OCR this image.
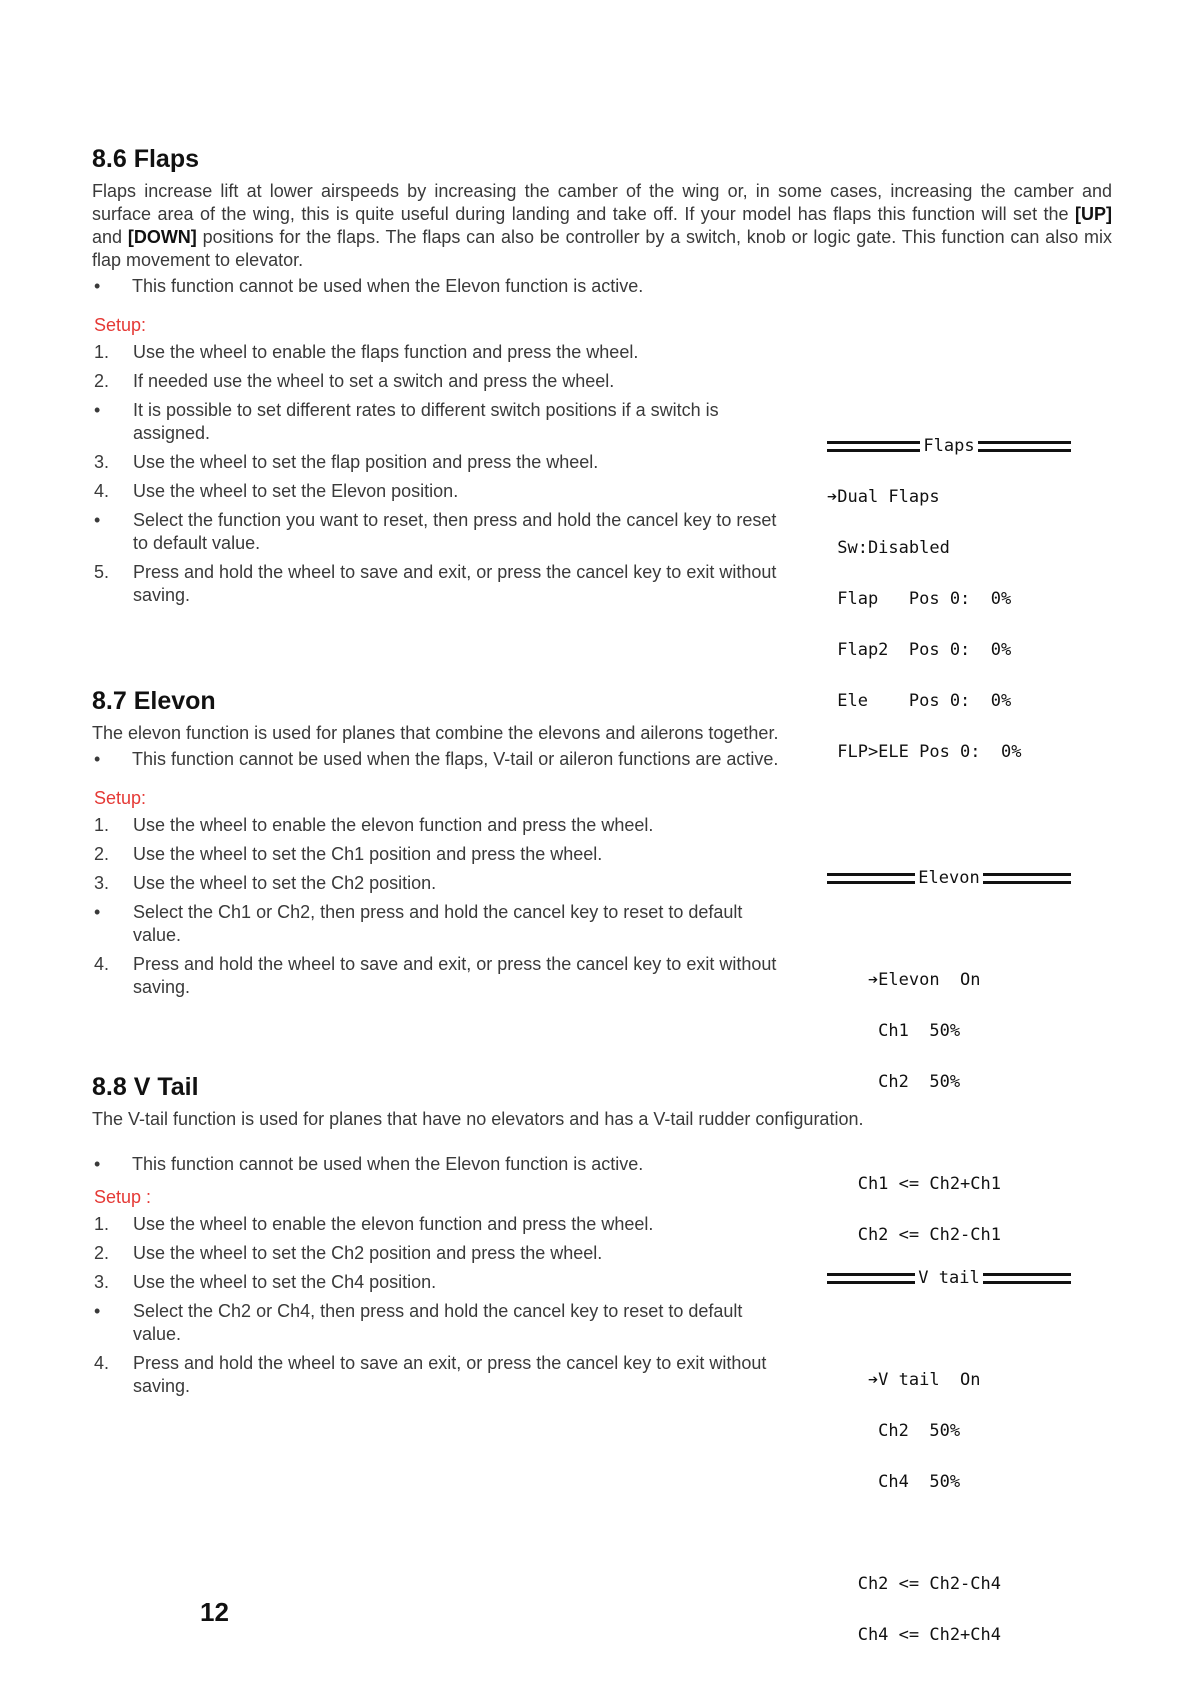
8.6 Flaps

Flaps increase lift at lower airspeeds by increasing the camber of the wing or, in some cases, increasing the camber and surface area of the wing, this is quite useful during landing and take off. If your model has flaps this function will set the [UP] and [DOWN] positions for the flaps. The flaps can also be controller by a switch, knob or logic gate. This function can also mix flap movement to elevator.

•	This function cannot be used when the Elevon function is active.
Setup:
1.	Use the wheel to enable the flaps function and press the wheel.
2.	If needed use the wheel to set a switch and press the wheel.
•	It is possible to set different rates to different switch positions if a switch is assigned.
3.	Use the wheel to set the flap position and press the wheel.
4.	Use the wheel to set the Elevon position.
•	Select the function you want to reset, then press and hold the cancel key to reset to default value.
5.	Press and hold the wheel to save and exit, or press the cancel key to exit without saving.

Flaps

➔Dual Flaps

Sw:Disabled

Flap   Pos 0:  0%

Flap2  Pos 0:  0%

Ele    Pos 0:  0%

FLP>ELE Pos 0:  0%

8.7 Elevon

The elevon function is used for planes that combine the elevons and ailerons together.

•	This function cannot be used when the flaps, V-tail or aileron functions are active.
Setup:
1.	Use the wheel to enable the elevon function and press the wheel.
2.	Use the wheel to set the Ch1 position and press the wheel.
3.	Use the wheel to set the Ch2 position.
•	Select the Ch1 or Ch2, then press and hold the cancel key to reset to default value.
4.	Press and hold the wheel to save and exit, or press the cancel key to exit without saving.

Elevon

➔Elevon  On

Ch1  50%

Ch2  50%

Ch1 <= Ch2+Ch1

Ch2 <= Ch2-Ch1

8.8 V Tail

The V-tail function is used for planes that have no elevators and has a V-tail rudder configuration.

•	This function cannot be used when the Elevon function is active.
Setup :
1.	Use the wheel to enable the elevon function and press the wheel.
2.	Use the wheel to set the Ch2 position and press the wheel.
3.	Use the wheel to set the Ch4 position.
•	Select the Ch2 or Ch4, then press and hold the cancel key to reset to default value.
4.	Press and hold the wheel to save an exit, or press the cancel key to exit without saving.

V tail

➔V tail  On

Ch2  50%

Ch4  50%

Ch2 <= Ch2-Ch4

Ch4 <= Ch2+Ch4

12
